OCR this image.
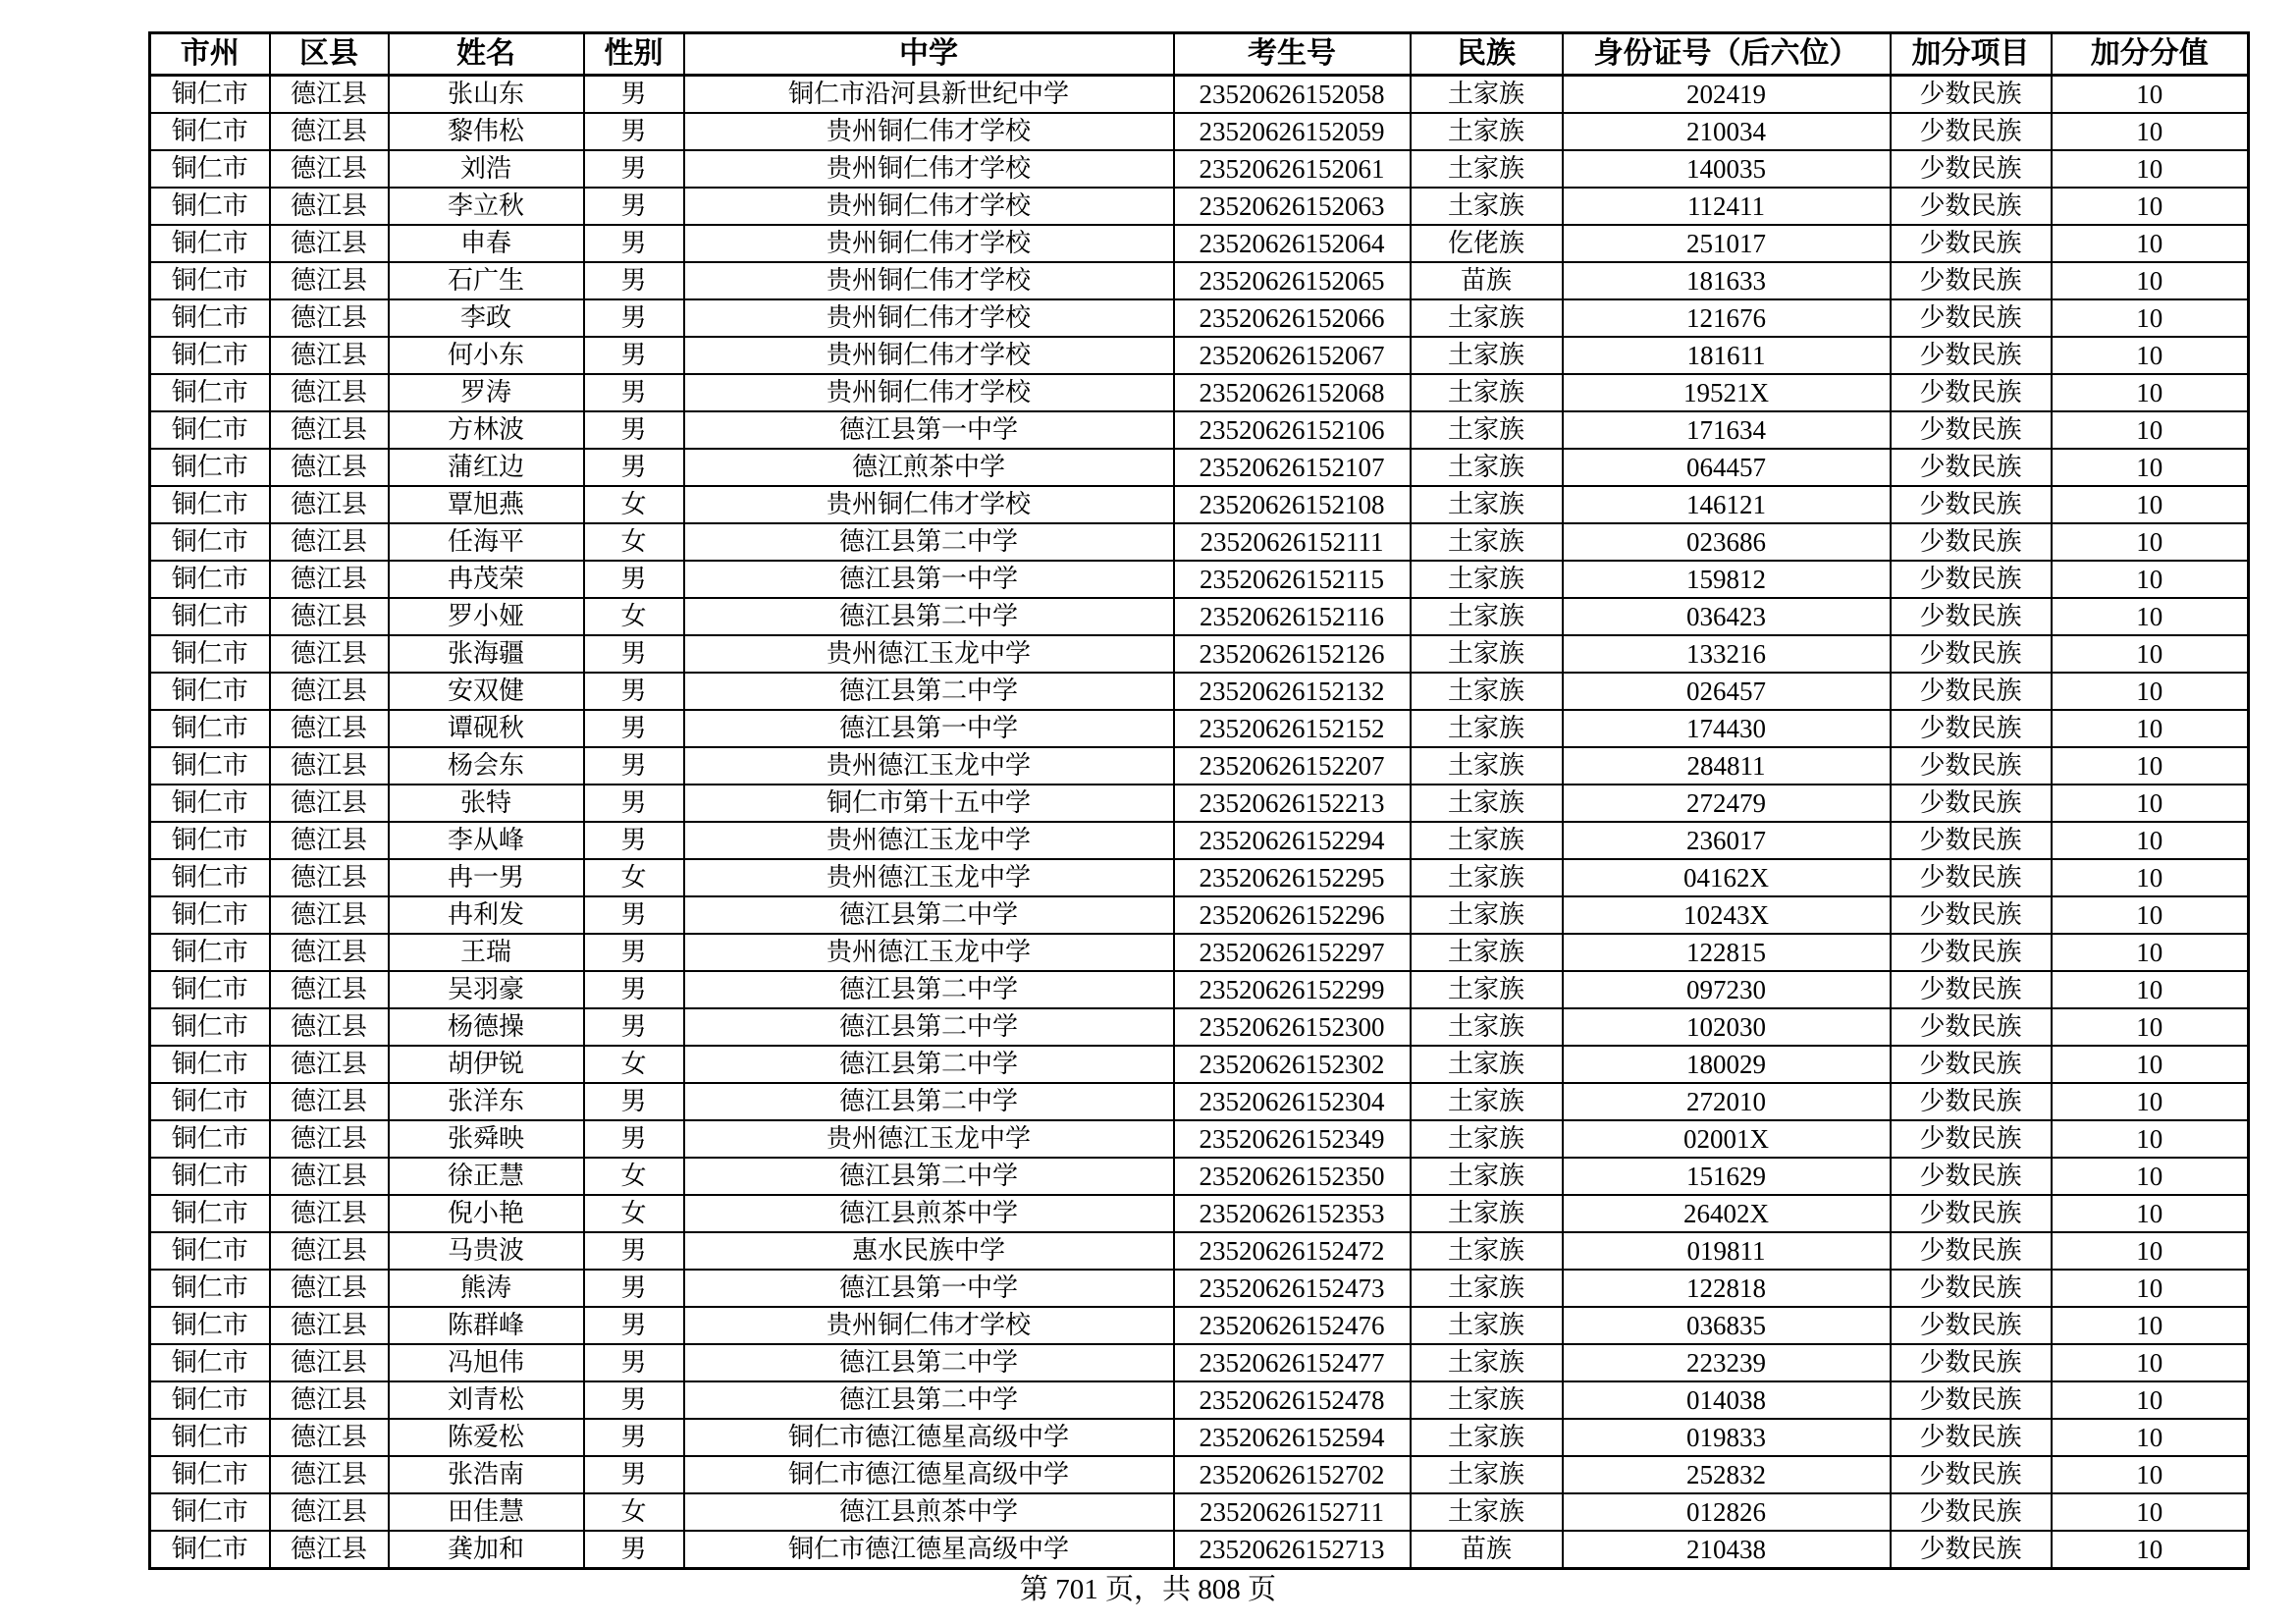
市州	区县	姓名	性别	中学	考生号	民族	身份证号（后六位）	加分项目	加分分值
铜仁市	德江县	张山东	男	铜仁市沿河县新世纪中学	23520626152058	土家族	202419	少数民族	10
铜仁市	德江县	黎伟松	男	贵州铜仁伟才学校	23520626152059	土家族	210034	少数民族	10
铜仁市	德江县	刘浩	男	贵州铜仁伟才学校	23520626152061	土家族	140035	少数民族	10
铜仁市	德江县	李立秋	男	贵州铜仁伟才学校	23520626152063	土家族	112411	少数民族	10
铜仁市	德江县	申春	男	贵州铜仁伟才学校	23520626152064	仡佬族	251017	少数民族	10
铜仁市	德江县	石广生	男	贵州铜仁伟才学校	23520626152065	苗族	181633	少数民族	10
铜仁市	德江县	李政	男	贵州铜仁伟才学校	23520626152066	土家族	121676	少数民族	10
铜仁市	德江县	何小东	男	贵州铜仁伟才学校	23520626152067	土家族	181611	少数民族	10
铜仁市	德江县	罗涛	男	贵州铜仁伟才学校	23520626152068	土家族	19521X	少数民族	10
铜仁市	德江县	方林波	男	德江县第一中学	23520626152106	土家族	171634	少数民族	10
铜仁市	德江县	蒲红边	男	德江煎茶中学	23520626152107	土家族	064457	少数民族	10
铜仁市	德江县	覃旭燕	女	贵州铜仁伟才学校	23520626152108	土家族	146121	少数民族	10
铜仁市	德江县	任海平	女	德江县第二中学	23520626152111	土家族	023686	少数民族	10
铜仁市	德江县	冉茂荣	男	德江县第一中学	23520626152115	土家族	159812	少数民族	10
铜仁市	德江县	罗小娅	女	德江县第二中学	23520626152116	土家族	036423	少数民族	10
铜仁市	德江县	张海疆	男	贵州德江玉龙中学	23520626152126	土家族	133216	少数民族	10
铜仁市	德江县	安双健	男	德江县第二中学	23520626152132	土家族	026457	少数民族	10
铜仁市	德江县	谭砚秋	男	德江县第一中学	23520626152152	土家族	174430	少数民族	10
铜仁市	德江县	杨会东	男	贵州德江玉龙中学	23520626152207	土家族	284811	少数民族	10
铜仁市	德江县	张特	男	铜仁市第十五中学	23520626152213	土家族	272479	少数民族	10
铜仁市	德江县	李从峰	男	贵州德江玉龙中学	23520626152294	土家族	236017	少数民族	10
铜仁市	德江县	冉一男	女	贵州德江玉龙中学	23520626152295	土家族	04162X	少数民族	10
铜仁市	德江县	冉利发	男	德江县第二中学	23520626152296	土家族	10243X	少数民族	10
铜仁市	德江县	王瑞	男	贵州德江玉龙中学	23520626152297	土家族	122815	少数民族	10
铜仁市	德江县	吴羽豪	男	德江县第二中学	23520626152299	土家族	097230	少数民族	10
铜仁市	德江县	杨德操	男	德江县第二中学	23520626152300	土家族	102030	少数民族	10
铜仁市	德江县	胡伊锐	女	德江县第二中学	23520626152302	土家族	180029	少数民族	10
铜仁市	德江县	张洋东	男	德江县第二中学	23520626152304	土家族	272010	少数民族	10
铜仁市	德江县	张舜映	男	贵州德江玉龙中学	23520626152349	土家族	02001X	少数民族	10
铜仁市	德江县	徐正慧	女	德江县第二中学	23520626152350	土家族	151629	少数民族	10
铜仁市	德江县	倪小艳	女	德江县煎茶中学	23520626152353	土家族	26402X	少数民族	10
铜仁市	德江县	马贵波	男	惠水民族中学	23520626152472	土家族	019811	少数民族	10
铜仁市	德江县	熊涛	男	德江县第一中学	23520626152473	土家族	122818	少数民族	10
铜仁市	德江县	陈群峰	男	贵州铜仁伟才学校	23520626152476	土家族	036835	少数民族	10
铜仁市	德江县	冯旭伟	男	德江县第二中学	23520626152477	土家族	223239	少数民族	10
铜仁市	德江县	刘青松	男	德江县第二中学	23520626152478	土家族	014038	少数民族	10
铜仁市	德江县	陈爱松	男	铜仁市德江德星高级中学	23520626152594	土家族	019833	少数民族	10
铜仁市	德江县	张浩南	男	铜仁市德江德星高级中学	23520626152702	土家族	252832	少数民族	10
铜仁市	德江县	田佳慧	女	德江县煎茶中学	23520626152711	土家族	012826	少数民族	10
铜仁市	德江县	龚加和	男	铜仁市德江德星高级中学	23520626152713	苗族	210438	少数民族	10
第 701 页，共 808 页
